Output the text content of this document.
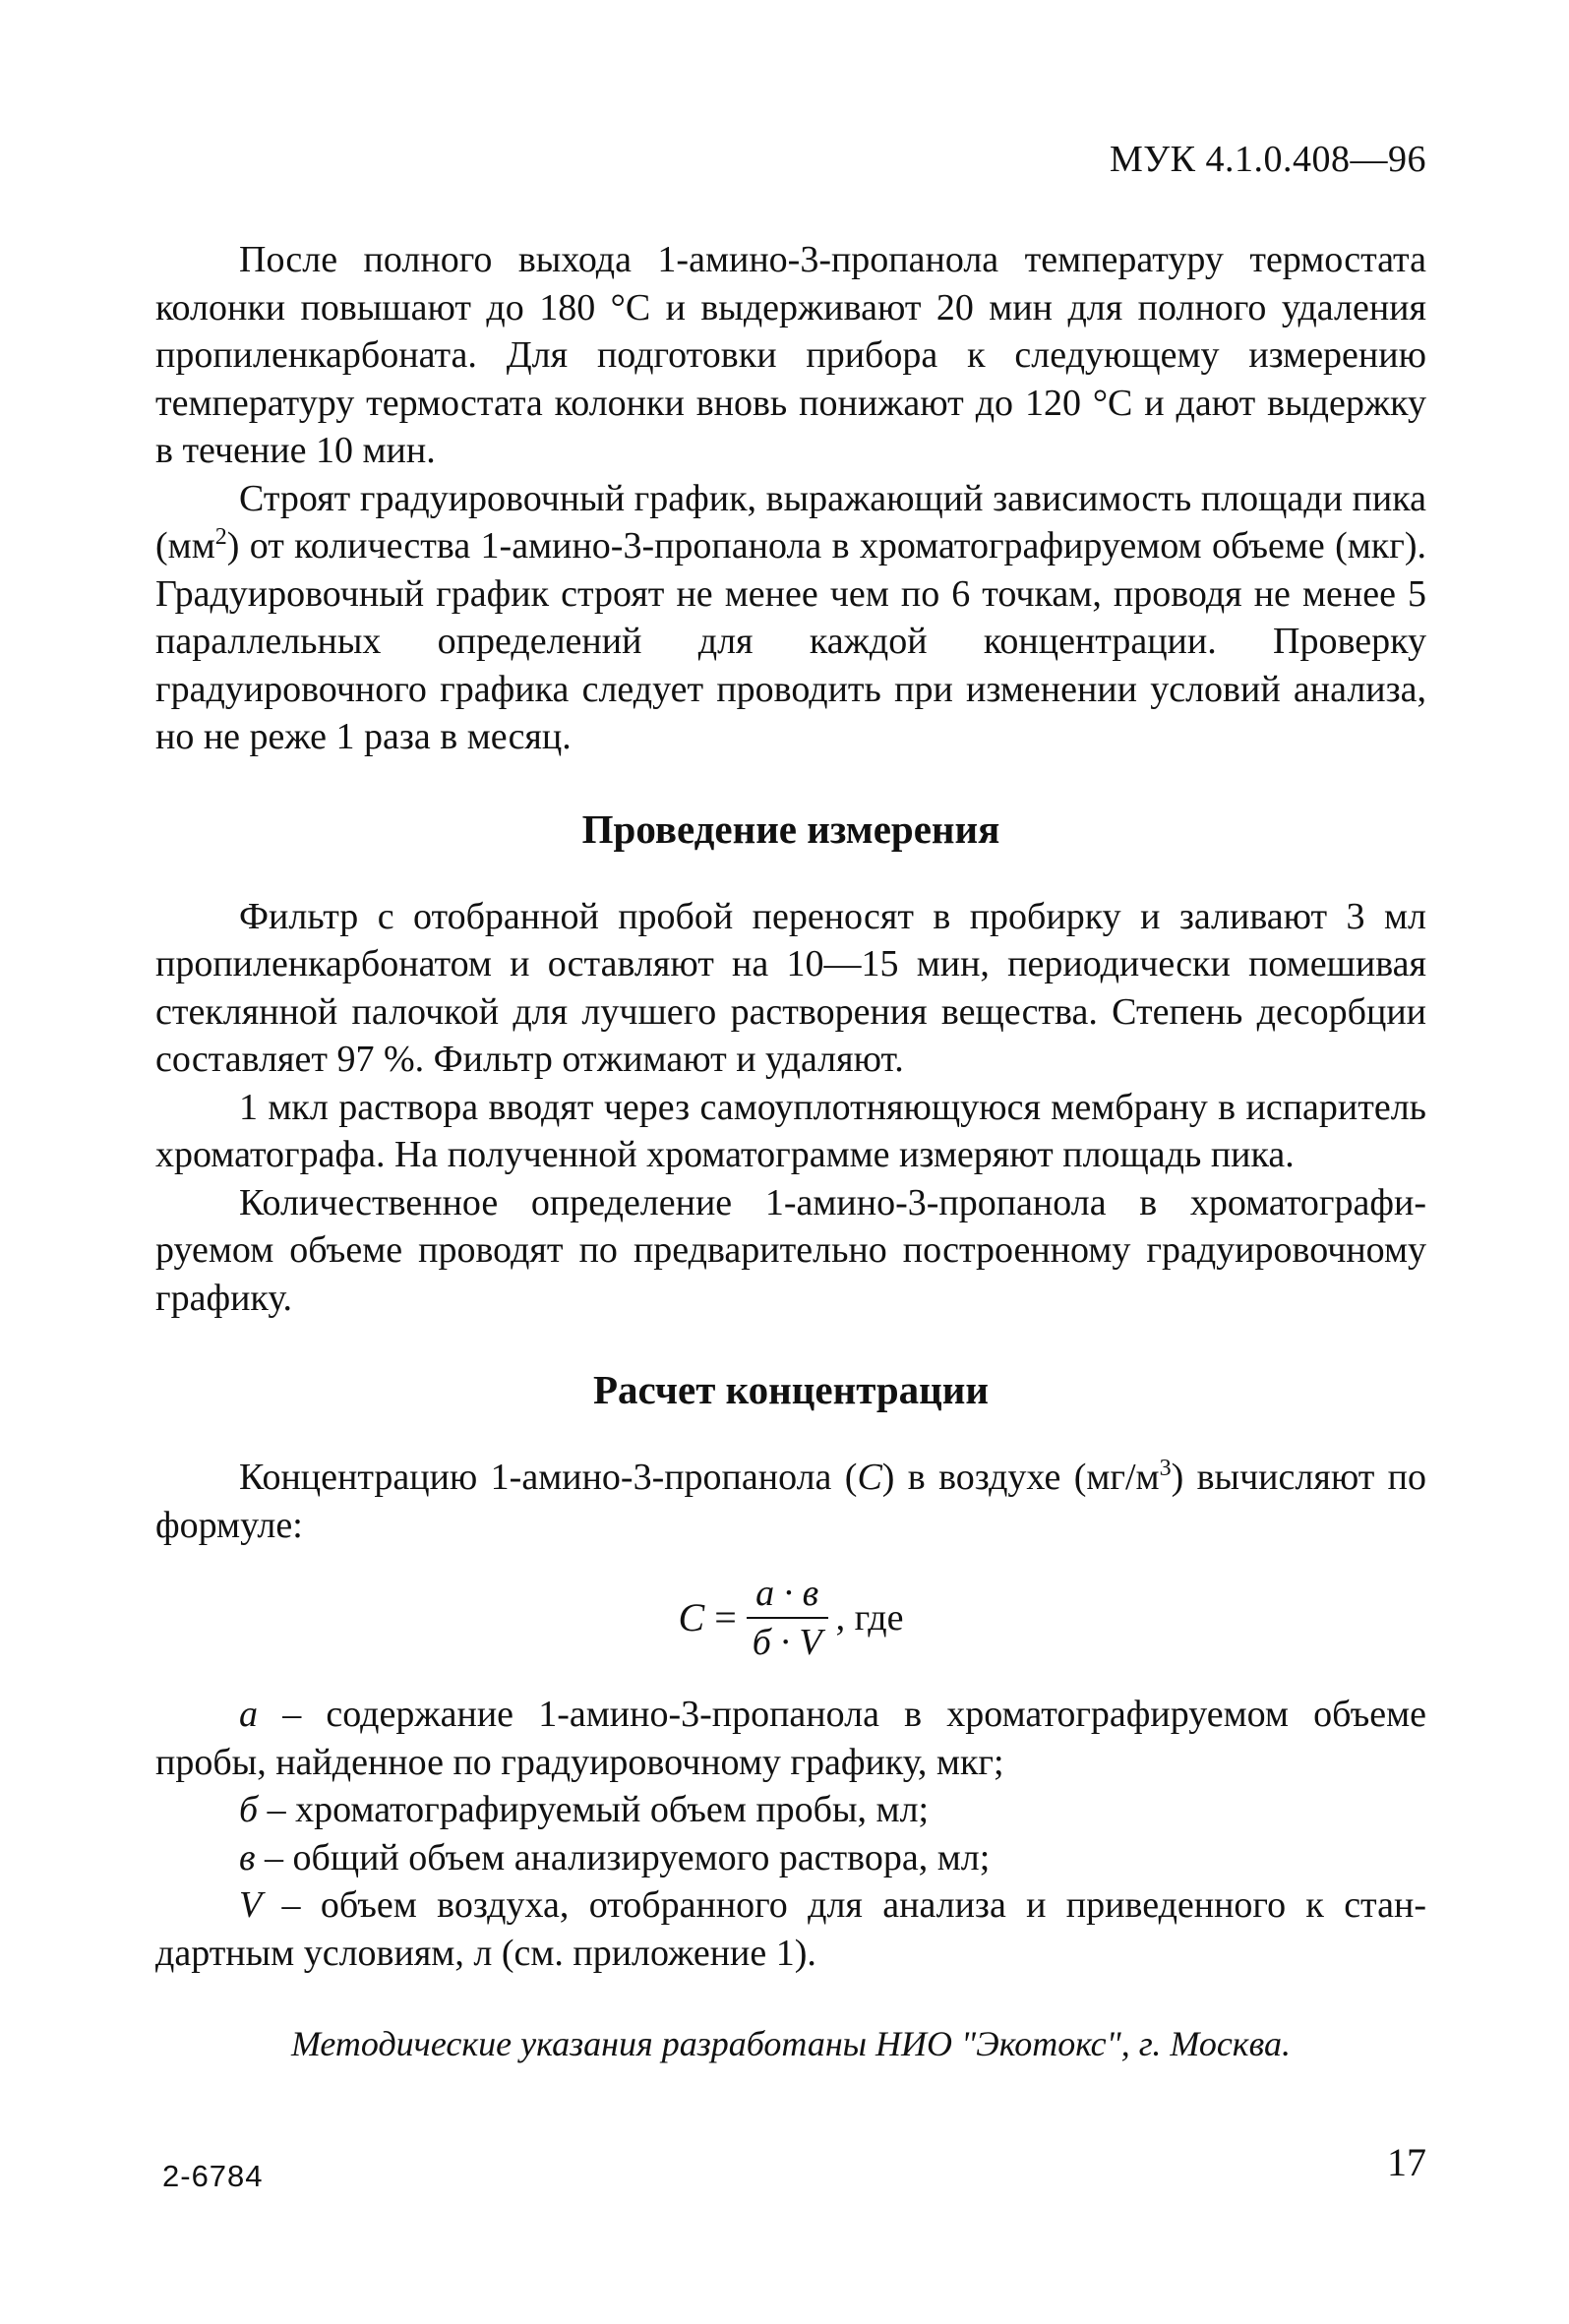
МУК 4.1.0.408—96

После полного выхода 1-амино-3-пропанола температуру термостата колонки повышают до 180 °С и выдерживают 20 мин для полного удаления пропиленкарбоната. Для подготовки прибора к следующему измерению температуру термостата колонки вновь понижают до 120 °С и дают выдержку в течение 10 мин.

Строят градуировочный график, выражающий зависимость площади пика $(мм^2)$ от количества 1-амино-3-пропанола в хроматографируемом объеме (мкг). Градуировочный график строят не менее чем по 6 точкам, проводя не менее 5 параллельных определений для каждой концентрации. Проверку градуировочного графика следует проводить при изменении условий анализа, но не реже 1 раза в месяц.

Проведение измерения

Фильтр с отобранной пробой переносят в пробирку и заливают 3 мл пропиленкарбонатом и оставляют на 10—15 мин, периодически помешивая стеклянной палочкой для лучшего растворения вещества. Степень десорбции составляет 97 %. Фильтр отжимают и удаляют.

1 мкл раствора вводят через самоуплотняющуюся мембрану в испаритель хроматографа. На полученной хроматограмме измеряют площадь пика.

Количественное определение 1-амино-3-пропанола в хроматографируемом объеме проводят по предварительно построенному градуировочному графику.

Расчет концентрации

Концентрацию 1-амино-3-пропанола (С) в воздухе $(мг/м^3)$ вычисляют по формуле:

$С = \frac{а \cdot в}{б \cdot V}$ , где

а – содержание 1-амино-3-пропанола в хроматографируемом объеме пробы, найденное по градуировочному графику, мкг;

б – хроматографируемый объем пробы, мл;

в – общий объем анализируемого раствора, мл;

V – объем воздуха, отобранного для анализа и приведенного к стандартным условиям, л (см. приложение 1).

Методические указания разработаны НИО "Экотокс", г. Москва.
2-6784	17
